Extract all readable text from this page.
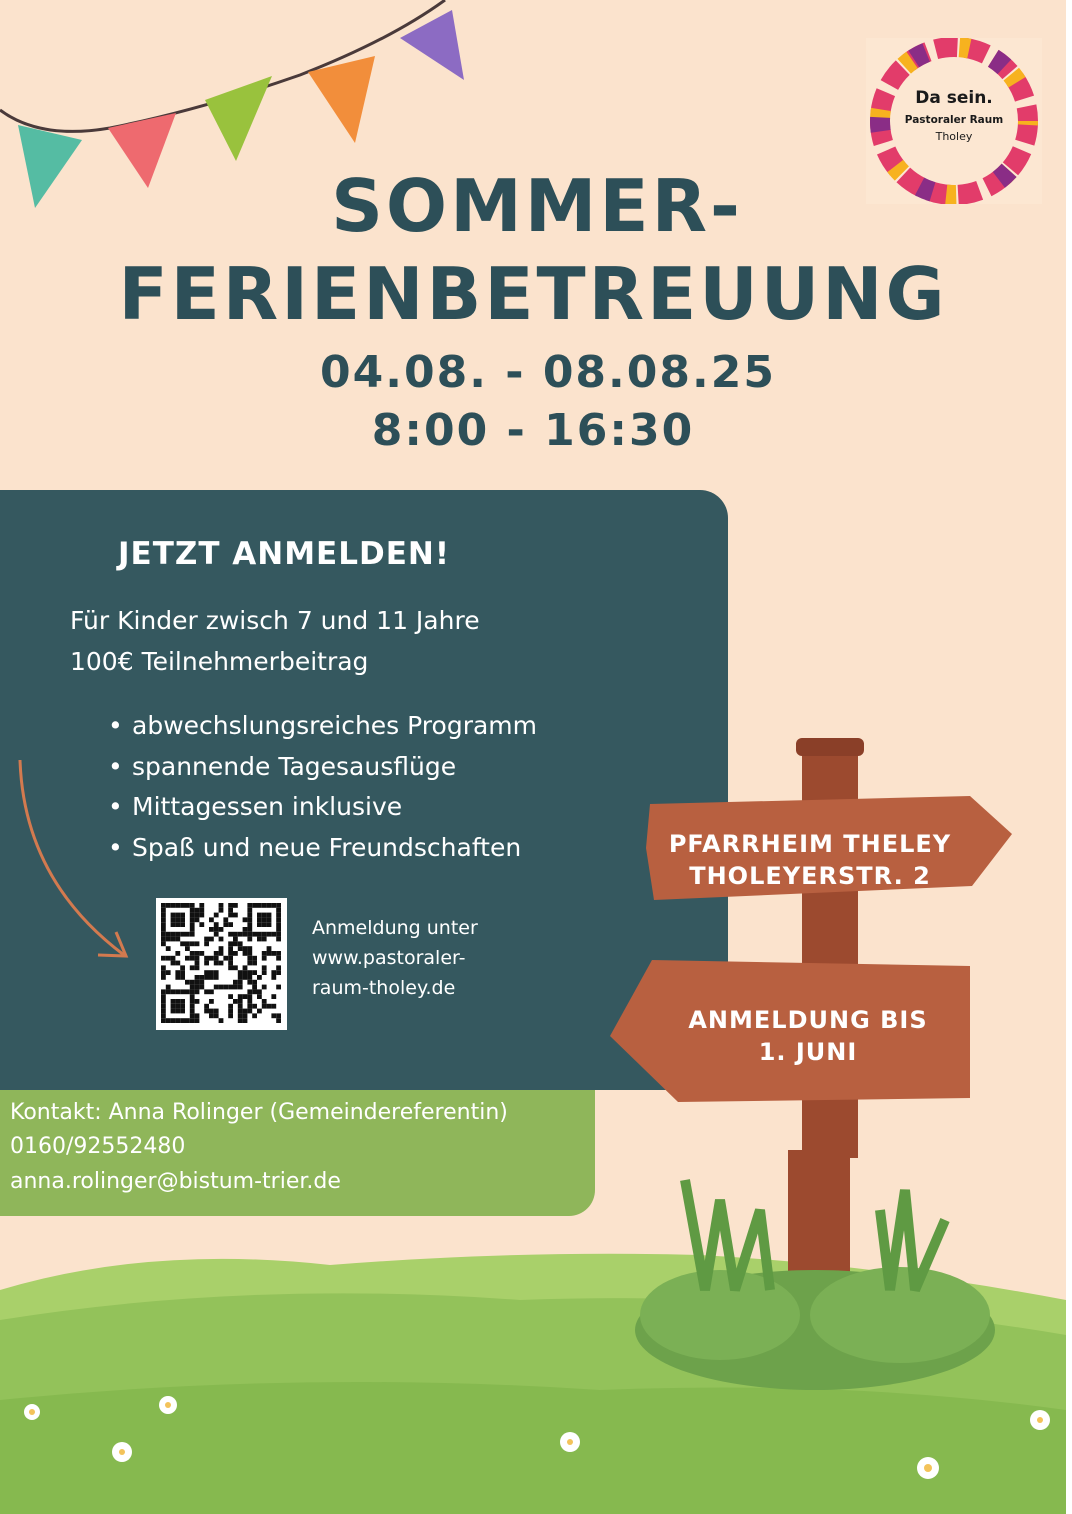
Da sein.
Pastoraler Raum
Tholey
SOMMER-
FERIENBETREUUNG
04.08. - 08.08.25
8:00 - 16:30
JETZT ANMELDEN!
Für Kinder zwisch 7 und 11 Jahre
100€ Teilnehmerbeitrag
• abwechslungsreiches Programm
• spannende Tagesausflüge
• Mittagessen inklusive
• Spaß und neue Freundschaften
Anmeldung unter
www.pastoraler-
raum-tholey.de
Kontakt: Anna Rolinger (Gemeindereferentin)
0160/92552480
anna.rolinger@bistum-trier.de
PFARRHEIM THELEY
THOLEYERSTR. 2
ANMELDUNG BIS
1. JUNI
